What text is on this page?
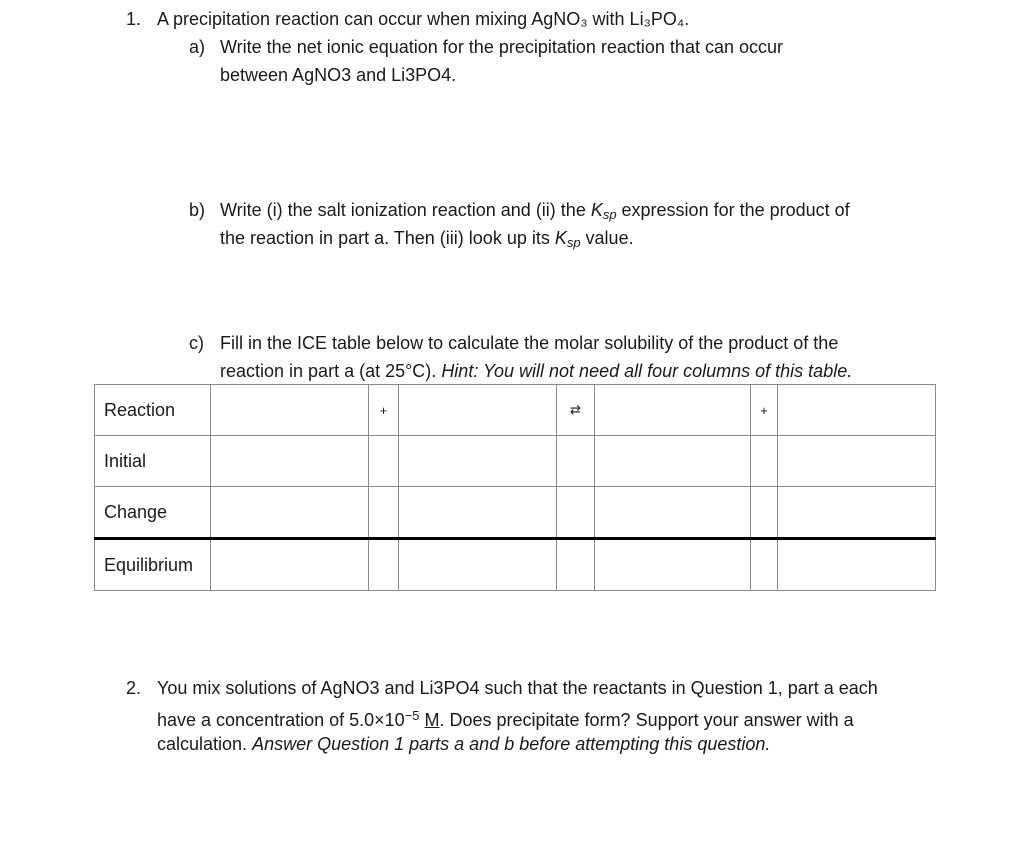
1. A precipitation reaction can occur when mixing AgNO₃ with Li₃PO₄.
a) Write the net ionic equation for the precipitation reaction that can occur
between AgNO3 and Li3PO4.
b) Write (i) the salt ionization reaction and (ii) the $K_{sp}$ expression for the product of
the reaction in part a. Then (iii) look up its $K_{sp}$ value.
c) Fill in the ICE table below to calculate the molar solubility of the product of the
reaction in part a (at 25°C). Hint: You will not need all four columns of this table.
Reaction		+		⇄		+	
Initial							
Change							
Equilibrium							
2. You mix solutions of AgNO3 and Li3PO4 such that the reactants in Question 1, part a each
have a concentration of $5.0\times 10^{-5}$ M. Does precipitate form? Support your answer with a
calculation. Answer Question 1 parts a and b before attempting this question.
